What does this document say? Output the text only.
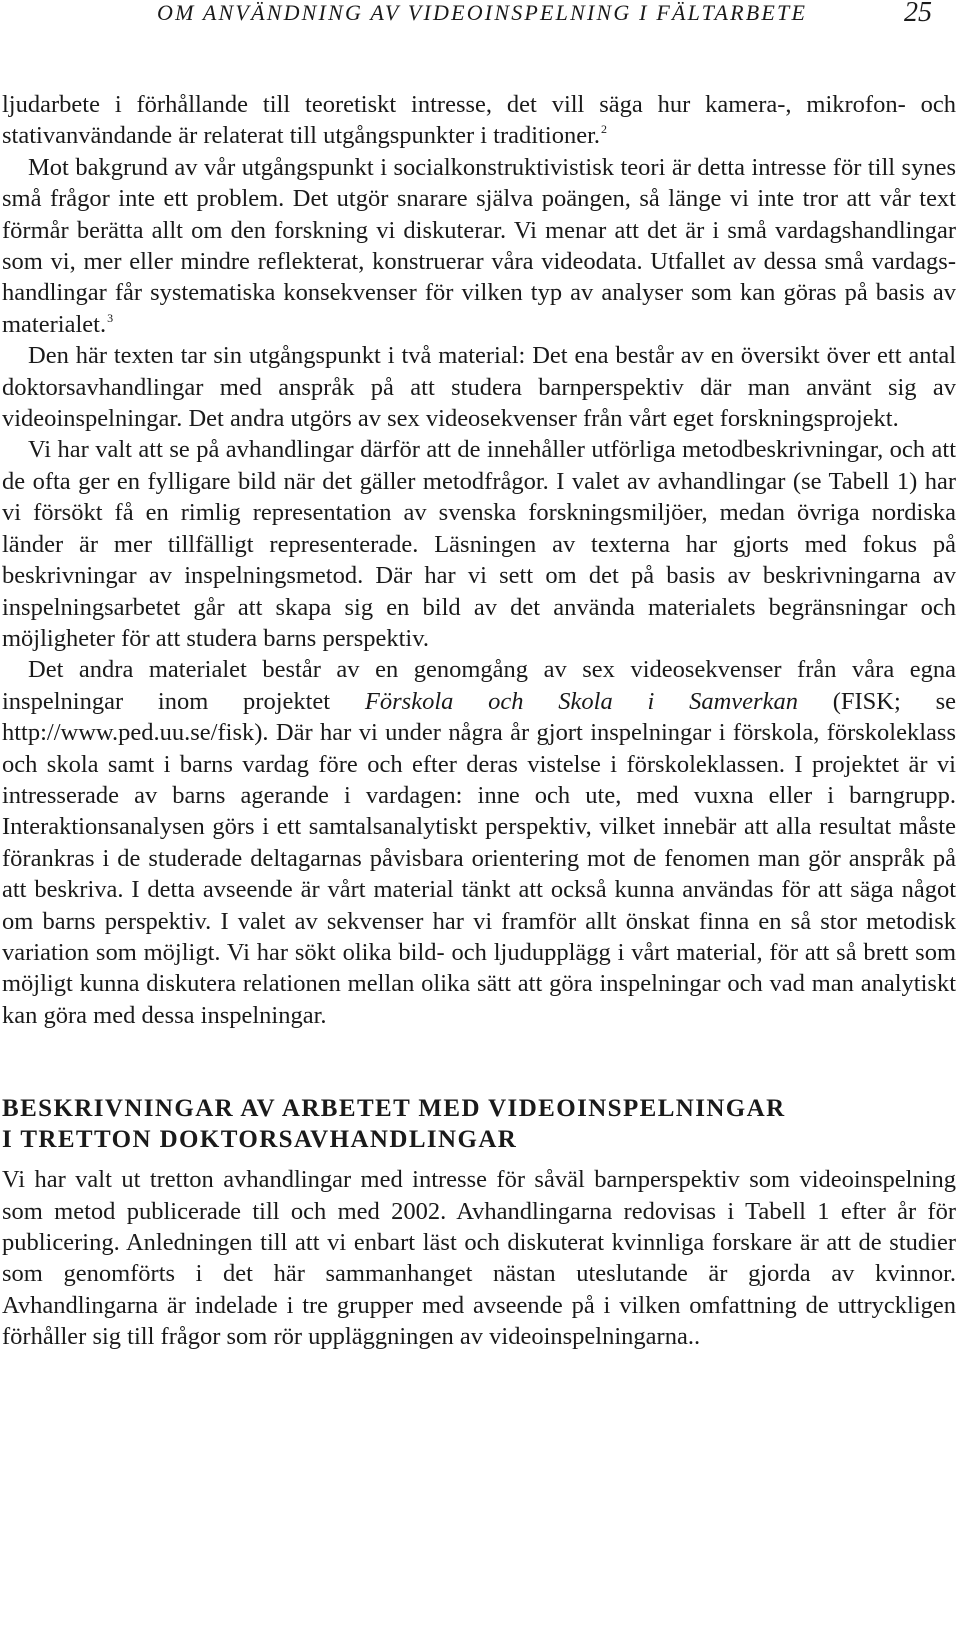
OM ANVÄNDNING AV VIDEOINSPELNING I FÄLTARBETE	25

ljudarbete i förhållande till teoretiskt intresse, det vill säga hur kamera-, mikrofon- och stativanvändande är relaterat till utgångspunkter i traditioner.$^2$

Mot bakgrund av vår utgångspunkt i socialkonstruktivistisk teori är detta intresse för till synes små frågor inte ett problem. Det utgör snarare själva poängen, så länge vi inte tror att vår text förmår berätta allt om den forskning vi diskuterar. Vi menar att det är i små vardagshandlingar som vi, mer eller mindre reflekterat, konstruerar våra videodata. Utfallet av dessa små vardagshandlingar får systematiska konsekvenser för vilken typ av analyser som kan göras på basis av materialet.$^3$

Den här texten tar sin utgångspunkt i två material: Det ena består av en översikt över ett antal doktorsavhandlingar med anspråk på att studera barnperspektiv där man använt sig av videoinspelningar. Det andra utgörs av sex videosekvenser från vårt eget forskningsprojekt.

Vi har valt att se på avhandlingar därför att de innehåller utförliga metodbeskrivningar, och att de ofta ger en fylligare bild när det gäller metodfrågor. I valet av avhandlingar (se Tabell 1) har vi försökt få en rimlig representation av svenska forskningsmiljöer, medan övriga nordiska länder är mer tillfälligt representerade. Läsningen av texterna har gjorts med fokus på beskrivningar av inspelningsmetod. Där har vi sett om det på basis av beskrivningarna av inspelningsarbetet går att skapa sig en bild av det använda materialets begränsningar och möjligheter för att studera barns perspektiv.

Det andra materialet består av en genomgång av sex videosekvenser från våra egna inspelningar inom projektet Förskola och Skola i Samverkan (FISK; se http://www.ped.uu.se/fisk). Där har vi under några år gjort inspelningar i förskola, förskoleklass och skola samt i barns vardag före och efter deras vistelse i förskoleklassen. I projektet är vi intresserade av barns agerande i vardagen: inne och ute, med vuxna eller i barngrupp. Interaktionsanalysen görs i ett samtalsanalytiskt perspektiv, vilket innebär att alla resultat måste förankras i de studerade deltagarnas påvisbara orientering mot de fenomen man gör anspråk på att beskriva. I detta avseende är vårt material tänkt att också kunna användas för att säga något om barns perspektiv. I valet av sekvenser har vi framför allt önskat finna en så stor metodisk variation som möjligt. Vi har sökt olika bild- och ljudupplägg i vårt material, för att så brett som möjligt kunna diskutera relationen mellan olika sätt att göra inspelningar och vad man analytiskt kan göra med dessa inspelningar.

BESKRIVNINGAR AV ARBETET MED VIDEOINSPELNINGAR
I TRETTON DOKTORSAVHANDLINGAR

Vi har valt ut tretton avhandlingar med intresse för såväl barnperspektiv som videoinspelning som metod publicerade till och med 2002. Avhandlingarna redovisas i Tabell 1 efter år för publicering. Anledningen till att vi enbart läst och diskuterat kvinnliga forskare är att de studier som genomförts i det här sammanhanget nästan uteslutande är gjorda av kvinnor. Avhandlingarna är indelade i tre grupper med avseende på i vilken omfattning de uttryckligen förhåller sig till frågor som rör uppläggningen av videoinspelningarna..
